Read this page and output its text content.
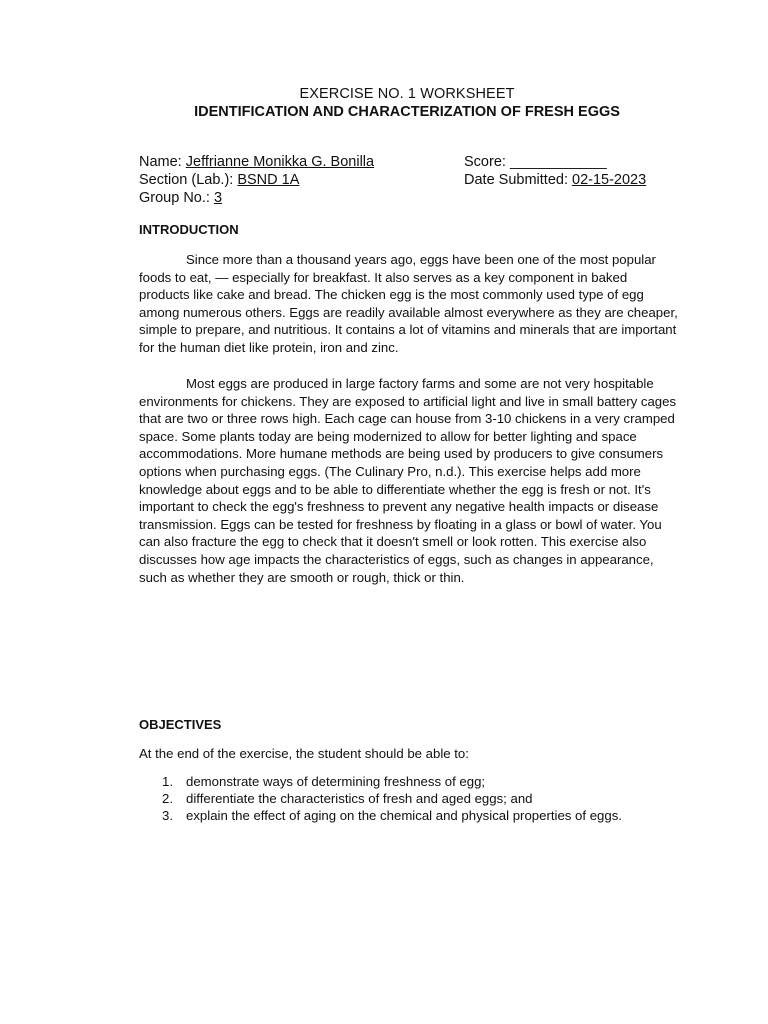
EXERCISE NO. 1 WORKSHEET
IDENTIFICATION AND CHARACTERIZATION OF FRESH EGGS
Name: Jeffrianne Monikka G. Bonilla
Section (Lab.): BSND 1A
Group No.: 3
Score: ____________
Date Submitted: 02-15-2023
INTRODUCTION
Since more than a thousand years ago, eggs have been one of the most popular foods to eat, — especially for breakfast. It also serves as a key component in baked products like cake and bread. The chicken egg is the most commonly used type of egg among numerous others. Eggs are readily available almost everywhere as they are cheaper, simple to prepare, and nutritious. It contains a lot of vitamins and minerals that are important for the human diet like protein, iron and zinc.
Most eggs are produced in large factory farms and some are not very hospitable environments for chickens. They are exposed to artificial light and live in small battery cages that are two or three rows high. Each cage can house from 3-10 chickens in a very cramped space. Some plants today are being modernized to allow for better lighting and space accommodations. More humane methods are being used by producers to give consumers options when purchasing eggs. (The Culinary Pro, n.d.). This exercise helps add more knowledge about eggs and to be able to differentiate whether the egg is fresh or not. It's important to check the egg's freshness to prevent any negative health impacts or disease transmission. Eggs can be tested for freshness by floating in a glass or bowl of water. You can also fracture the egg to check that it doesn't smell or look rotten. This exercise also discusses how age impacts the characteristics of eggs, such as changes in appearance, such as whether they are smooth or rough, thick or thin.
OBJECTIVES
At the end of the exercise, the student should be able to:
1. demonstrate ways of determining freshness of egg;
2. differentiate the characteristics of fresh and aged eggs; and
3. explain the effect of aging on the chemical and physical properties of eggs.
